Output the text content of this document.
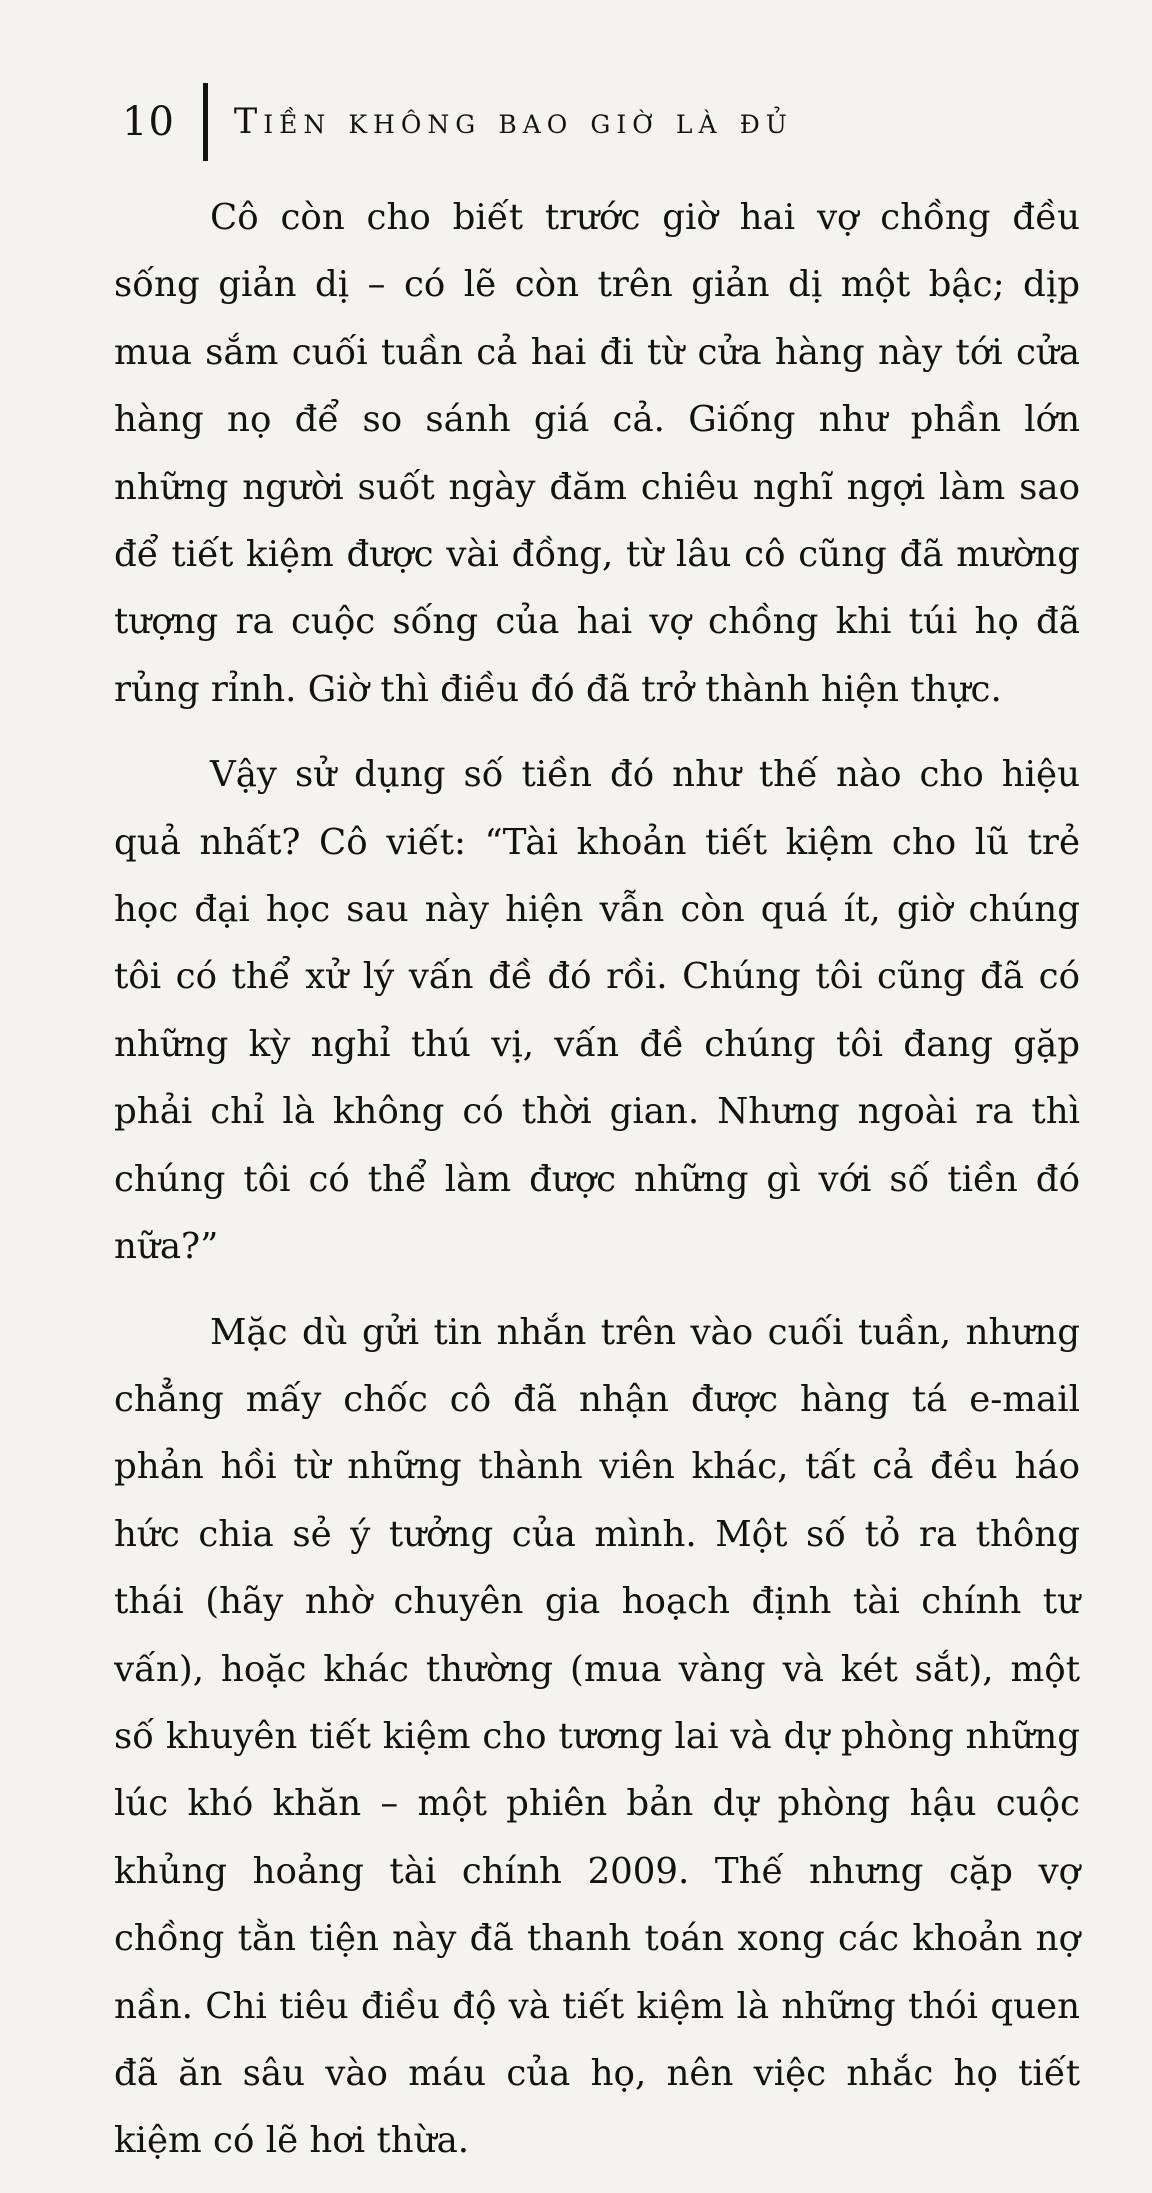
10 Tiền không bao giờ là đủ

Cô còn cho biết trước giờ hai vợ chồng đều sống giản dị – có lẽ còn trên giản dị một bậc; dịp mua sắm cuối tuần cả hai đi từ cửa hàng này tới cửa hàng nọ để so sánh giá cả. Giống như phần lớn những người suốt ngày đăm chiêu nghĩ ngợi làm sao để tiết kiệm được vài đồng, từ lâu cô cũng đã mường tượng ra cuộc sống của hai vợ chồng khi túi họ đã rủng rỉnh. Giờ thì điều đó đã trở thành hiện thực.

Vậy sử dụng số tiền đó như thế nào cho hiệu quả nhất? Cô viết: “Tài khoản tiết kiệm cho lũ trẻ học đại học sau này hiện vẫn còn quá ít, giờ chúng tôi có thể xử lý vấn đề đó rồi. Chúng tôi cũng đã có những kỳ nghỉ thú vị, vấn đề chúng tôi đang gặp phải chỉ là không có thời gian. Nhưng ngoài ra thì chúng tôi có thể làm được những gì với số tiền đó nữa?”

Mặc dù gửi tin nhắn trên vào cuối tuần, nhưng chẳng mấy chốc cô đã nhận được hàng tá e-mail phản hồi từ những thành viên khác, tất cả đều háo hức chia sẻ ý tưởng của mình. Một số tỏ ra thông thái (hãy nhờ chuyên gia hoạch định tài chính tư vấn), hoặc khác thường (mua vàng và két sắt), một số khuyên tiết kiệm cho tương lai và dự phòng những lúc khó khăn – một phiên bản dự phòng hậu cuộc khủng hoảng tài chính 2009. Thế nhưng cặp vợ chồng tằn tiện này đã thanh toán xong các khoản nợ nần. Chi tiêu điều độ và tiết kiệm là những thói quen đã ăn sâu vào máu của họ, nên việc nhắc họ tiết kiệm có lẽ hơi thừa.
